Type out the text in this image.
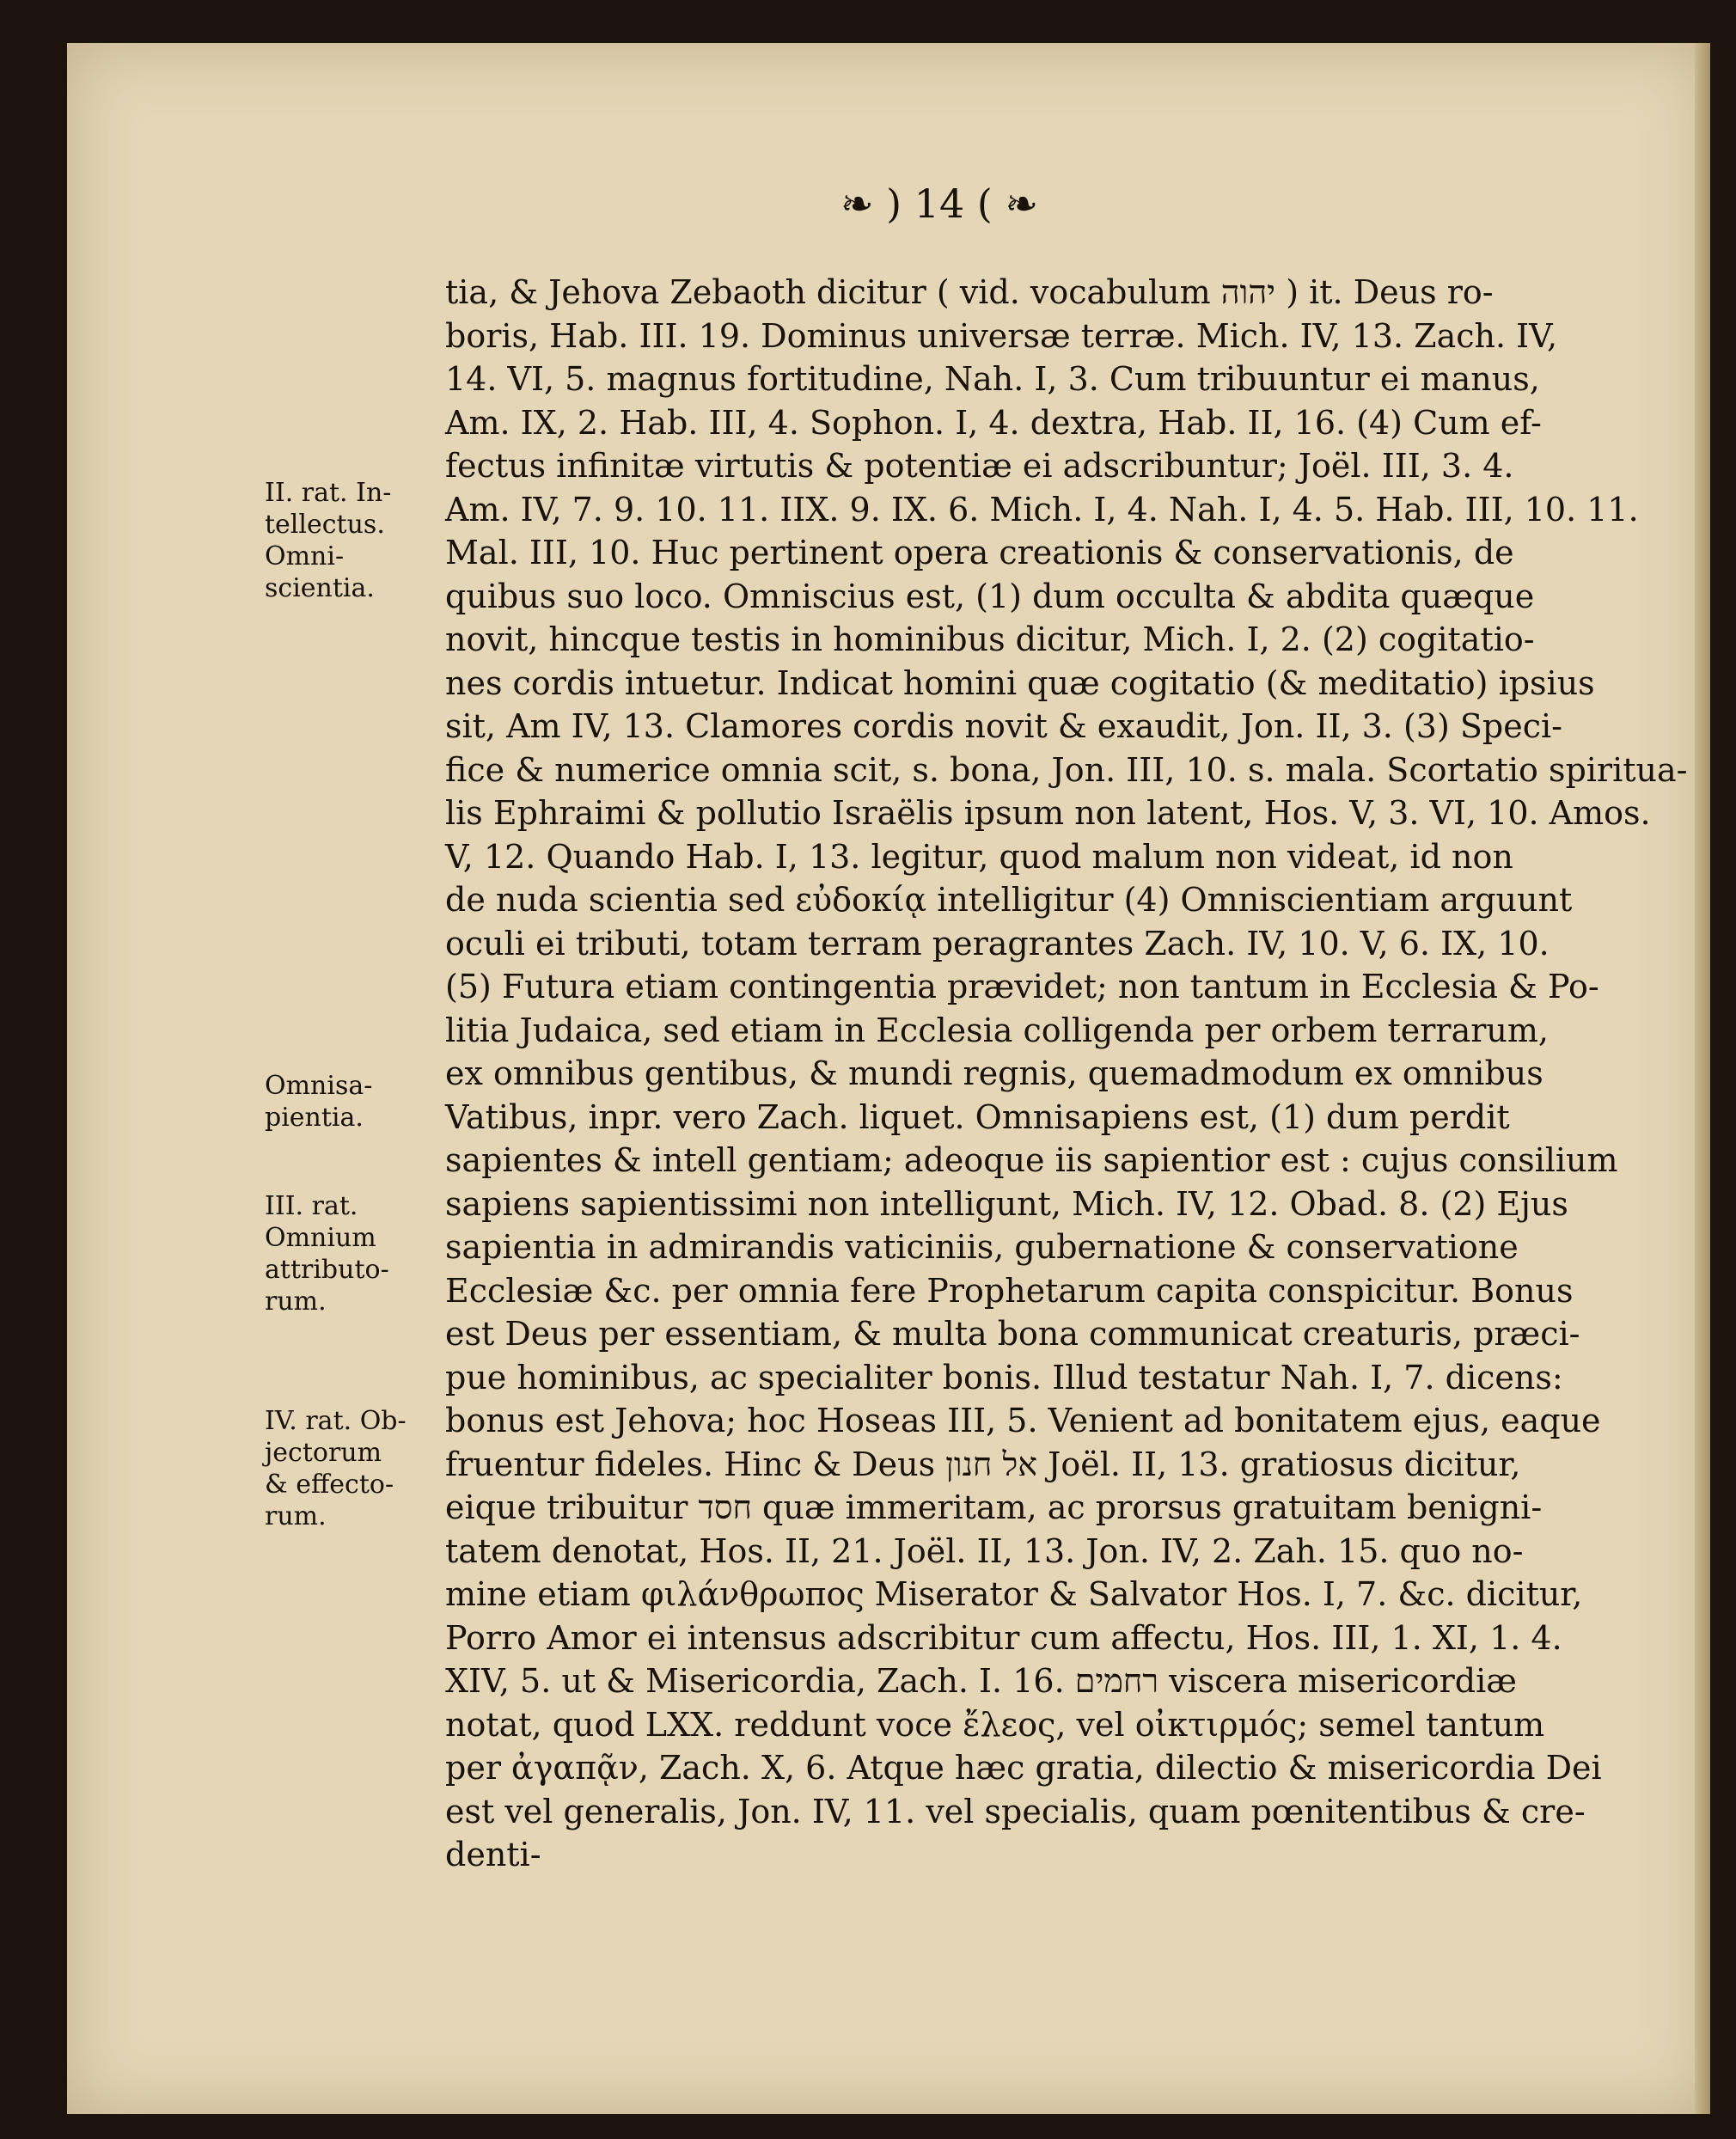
❧ ) 14 ( ❧
tia, & Jehova Zebaoth dicitur ( vid. vocabulum יהוה ) it. Deus ro-
boris, Hab. III. 19. Dominus universæ terræ. Mich. IV, 13. Zach. IV,
14. VI, 5. magnus fortitudine, Nah. I, 3. Cum tribuuntur ei manus,
Am. IX, 2. Hab. III, 4. Sophon. I, 4. dextra, Hab. II, 16. (4) Cum ef-
fectus infinitæ virtutis & potentiæ ei adscribuntur; Joël. III, 3. 4.
Am. IV, 7. 9. 10. 11. IIX. 9. IX. 6. Mich. I, 4. Nah. I, 4. 5. Hab. III, 10. 11.
Mal. III, 10. Huc pertinent opera creationis & conservationis, de
quibus suo loco. Omniscius est, (1) dum occulta & abdita quæque
novit, hincque testis in hominibus dicitur, Mich. I, 2. (2) cogitatio-
nes cordis intuetur. Indicat homini quæ cogitatio (& meditatio) ipsius
sit, Am IV, 13. Clamores cordis novit & exaudit, Jon. II, 3. (3) Speci-
fice & numerice omnia scit, s. bona, Jon. III, 10. s. mala. Scortatio spiritua-
lis Ephraimi & pollutio Israëlis ipsum non latent, Hos. V, 3. VI, 10. Amos.
V, 12. Quando Hab. I, 13. legitur, quod malum non videat, id non
de nuda scientia sed εὐδοκίᾳ intelligitur (4) Omniscientiam arguunt
oculi ei tributi, totam terram peragrantes Zach. IV, 10. V, 6. IX, 10.
(5) Futura etiam contingentia prævidet; non tantum in Ecclesia & Po-
litia Judaica, sed etiam in Ecclesia colligenda per orbem terrarum,
ex omnibus gentibus, & mundi regnis, quemadmodum ex omnibus
Vatibus, inpr. vero Zach. liquet. Omnisapiens est, (1) dum perdit
sapientes & intell gentiam; adeoque iis sapientior est : cujus consilium
sapiens sapientissimi non intelligunt, Mich. IV, 12. Obad. 8. (2) Ejus
sapientia in admirandis vaticiniis, gubernatione & conservatione
Ecclesiæ &c. per omnia fere Prophetarum capita conspicitur. Bonus
est Deus per essentiam, & multa bona communicat creaturis, præci-
pue hominibus, ac specialiter bonis. Illud testatur Nah. I, 7. dicens:
bonus est Jehova; hoc Hoseas III, 5. Venient ad bonitatem ejus, eaque
fruentur fideles. Hinc & Deus אל חנון Joël. II, 13. gratiosus dicitur,
eique tribuitur חסד quæ immeritam, ac prorsus gratuitam benigni-
tatem denotat, Hos. II, 21. Joël. II, 13. Jon. IV, 2. Zah. 15. quo no-
mine etiam φιλάνθρωπος Miserator & Salvator Hos. I, 7. &c. dicitur,
Porro Amor ei intensus adscribitur cum affectu, Hos. III, 1. XI, 1. 4.
XIV, 5. ut & Misericordia, Zach. I. 16. רחמים viscera misericordiæ
notat, quod LXX. reddunt voce ἔλεος, vel οἰκτιρμός; semel tantum
per ἀγαπᾷν, Zach. X, 6. Atque hæc gratia, dilectio & misericordia Dei
est vel generalis, Jon. IV, 11. vel specialis, quam pœnitentibus & cre-
denti-
II. rat. In-
tellectus.
Omni-
scientia.
Omnisa-
pientia.
III. rat.
Omnium
attributo-
rum.
IV. rat. Ob-
jectorum
& effecto-
rum.
